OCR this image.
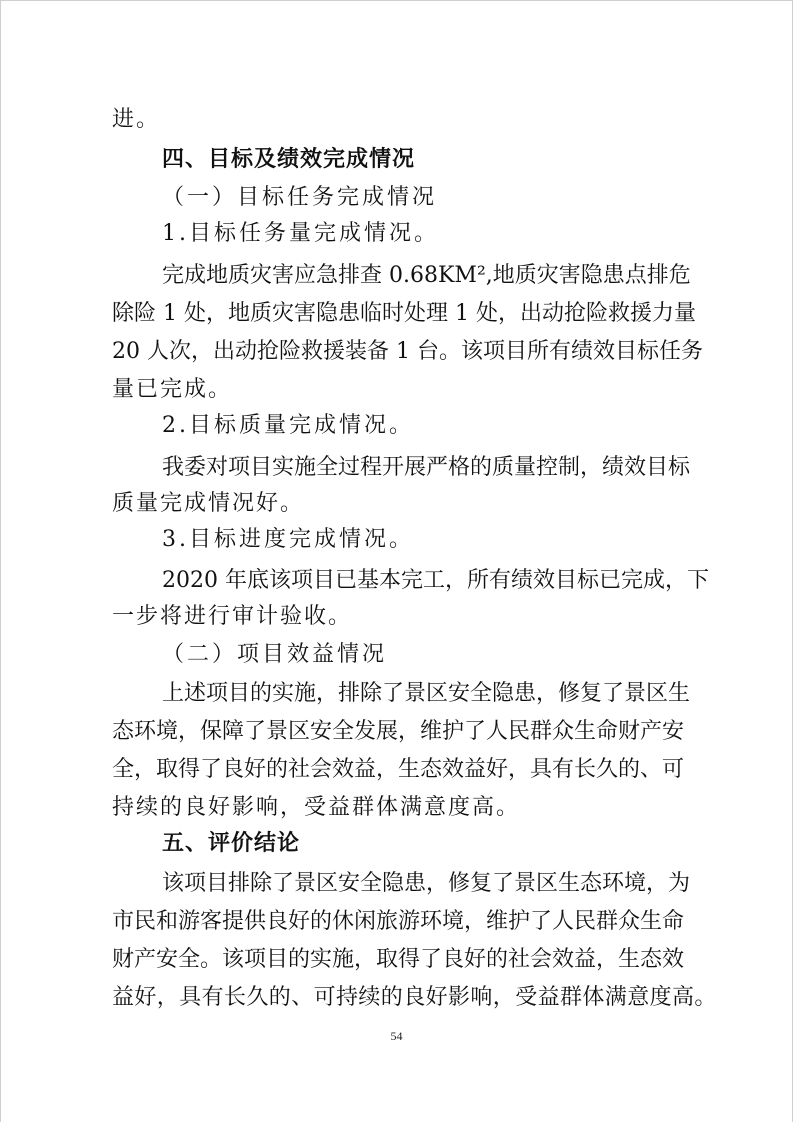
进。
四、目标及绩效完成情况
（一）目标任务完成情况
1.目标任务量完成情况。
完成地质灾害应急排查 0.68KM²,地质灾害隐患点排危
除险 1 处，地质灾害隐患临时处理 1 处，出动抢险救援力量
20 人次，出动抢险救援装备 1 台。该项目所有绩效目标任务
量已完成。
2.目标质量完成情况。
我委对项目实施全过程开展严格的质量控制，绩效目标
质量完成情况好。
3.目标进度完成情况。
2020 年底该项目已基本完工，所有绩效目标已完成，下
一步将进行审计验收。
（二）项目效益情况
上述项目的实施，排除了景区安全隐患，修复了景区生
态环境，保障了景区安全发展，维护了人民群众生命财产安
全，取得了良好的社会效益，生态效益好，具有长久的、可
持续的良好影响，受益群体满意度高。
五、评价结论
该项目排除了景区安全隐患，修复了景区生态环境，为
市民和游客提供良好的休闲旅游环境，维护了人民群众生命
财产安全。该项目的实施，取得了良好的社会效益，生态效
益好，具有长久的、可持续的良好影响，受益群体满意度高。
54
